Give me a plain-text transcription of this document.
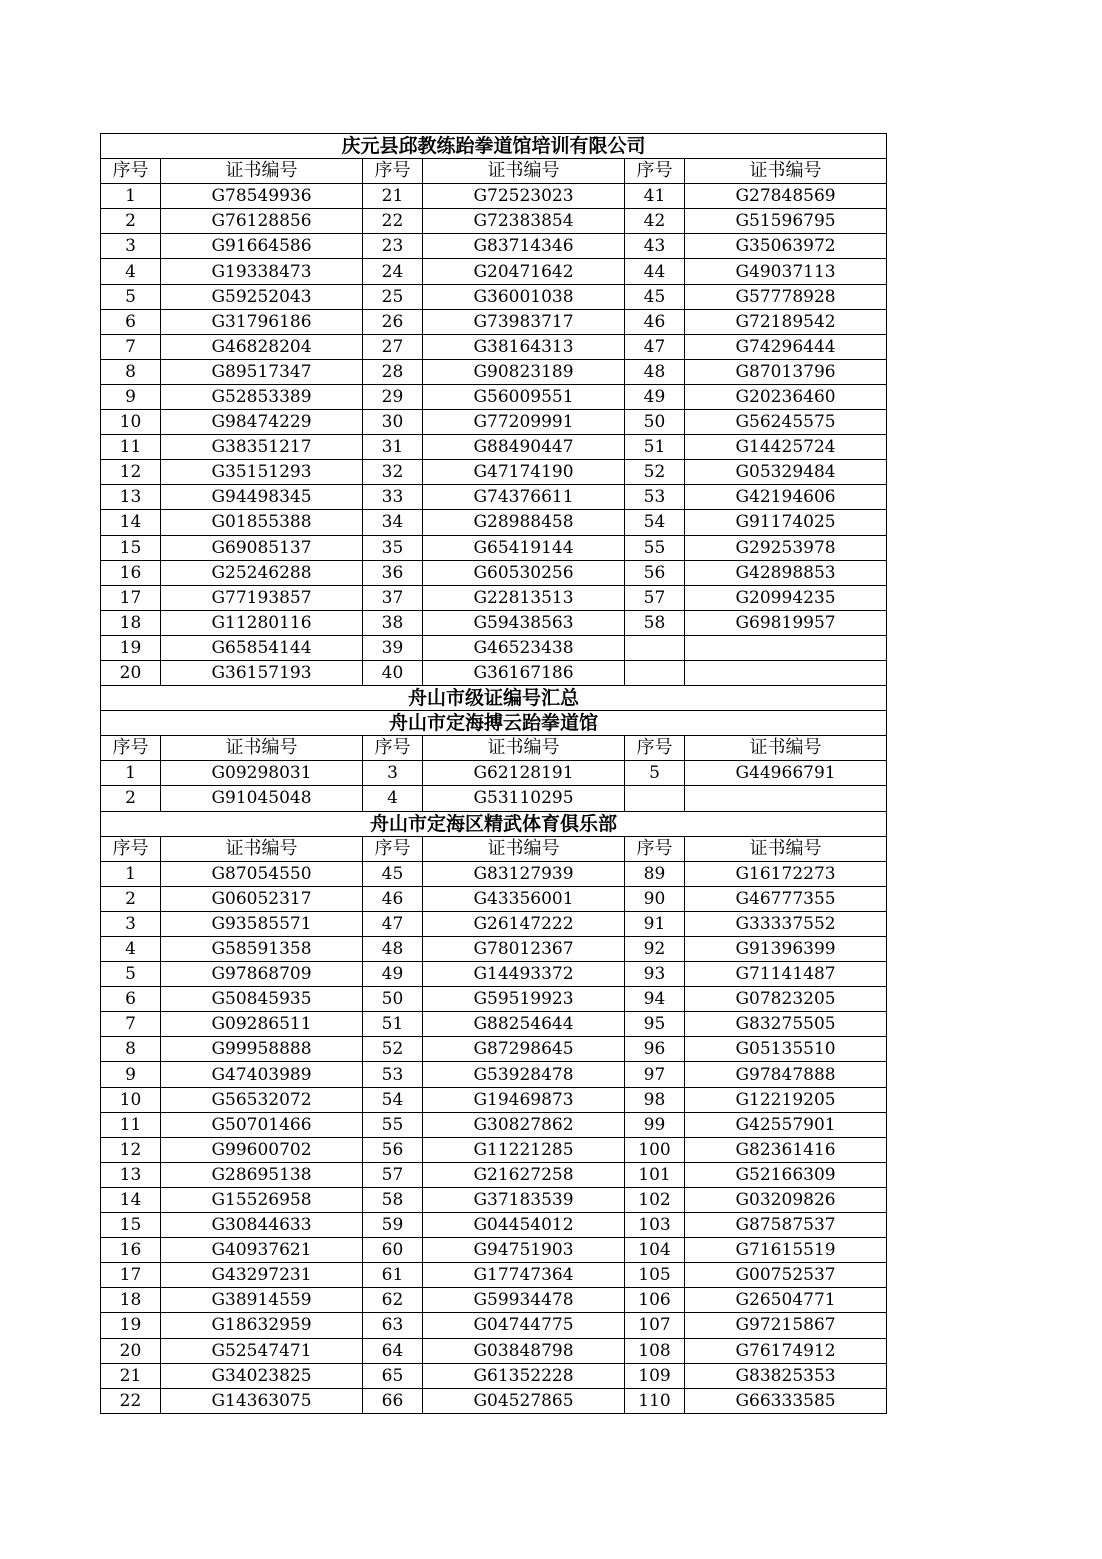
庆元县邱教练跆拳道馆培训有限公司					
序号	证书编号	序号	证书编号	序号	证书编号
1	G78549936	21	G72523023	41	G27848569
2	G76128856	22	G72383854	42	G51596795
3	G91664586	23	G83714346	43	G35063972
4	G19338473	24	G20471642	44	G49037113
5	G59252043	25	G36001038	45	G57778928
6	G31796186	26	G73983717	46	G72189542
7	G46828204	27	G38164313	47	G74296444
8	G89517347	28	G90823189	48	G87013796
9	G52853389	29	G56009551	49	G20236460
10	G98474229	30	G77209991	50	G56245575
11	G38351217	31	G88490447	51	G14425724
12	G35151293	32	G47174190	52	G05329484
13	G94498345	33	G74376611	53	G42194606
14	G01855388	34	G28988458	54	G91174025
15	G69085137	35	G65419144	55	G29253978
16	G25246288	36	G60530256	56	G42898853
17	G77193857	37	G22813513	57	G20994235
18	G11280116	38	G59438563	58	G69819957
19	G65854144	39	G46523438		
20	G36157193	40	G36167186		
舟山市级证编号汇总					
舟山市定海搏云跆拳道馆					
序号	证书编号	序号	证书编号	序号	证书编号
1	G09298031	3	G62128191	5	G44966791
2	G91045048	4	G53110295		
舟山市定海区精武体育俱乐部					
序号	证书编号	序号	证书编号	序号	证书编号
1	G87054550	45	G83127939	89	G16172273
2	G06052317	46	G43356001	90	G46777355
3	G93585571	47	G26147222	91	G33337552
4	G58591358	48	G78012367	92	G91396399
5	G97868709	49	G14493372	93	G71141487
6	G50845935	50	G59519923	94	G07823205
7	G09286511	51	G88254644	95	G83275505
8	G99958888	52	G87298645	96	G05135510
9	G47403989	53	G53928478	97	G97847888
10	G56532072	54	G19469873	98	G12219205
11	G50701466	55	G30827862	99	G42557901
12	G99600702	56	G11221285	100	G82361416
13	G28695138	57	G21627258	101	G52166309
14	G15526958	58	G37183539	102	G03209826
15	G30844633	59	G04454012	103	G87587537
16	G40937621	60	G94751903	104	G71615519
17	G43297231	61	G17747364	105	G00752537
18	G38914559	62	G59934478	106	G26504771
19	G18632959	63	G04744775	107	G97215867
20	G52547471	64	G03848798	108	G76174912
21	G34023825	65	G61352228	109	G83825353
22	G14363075	66	G04527865	110	G66333585
